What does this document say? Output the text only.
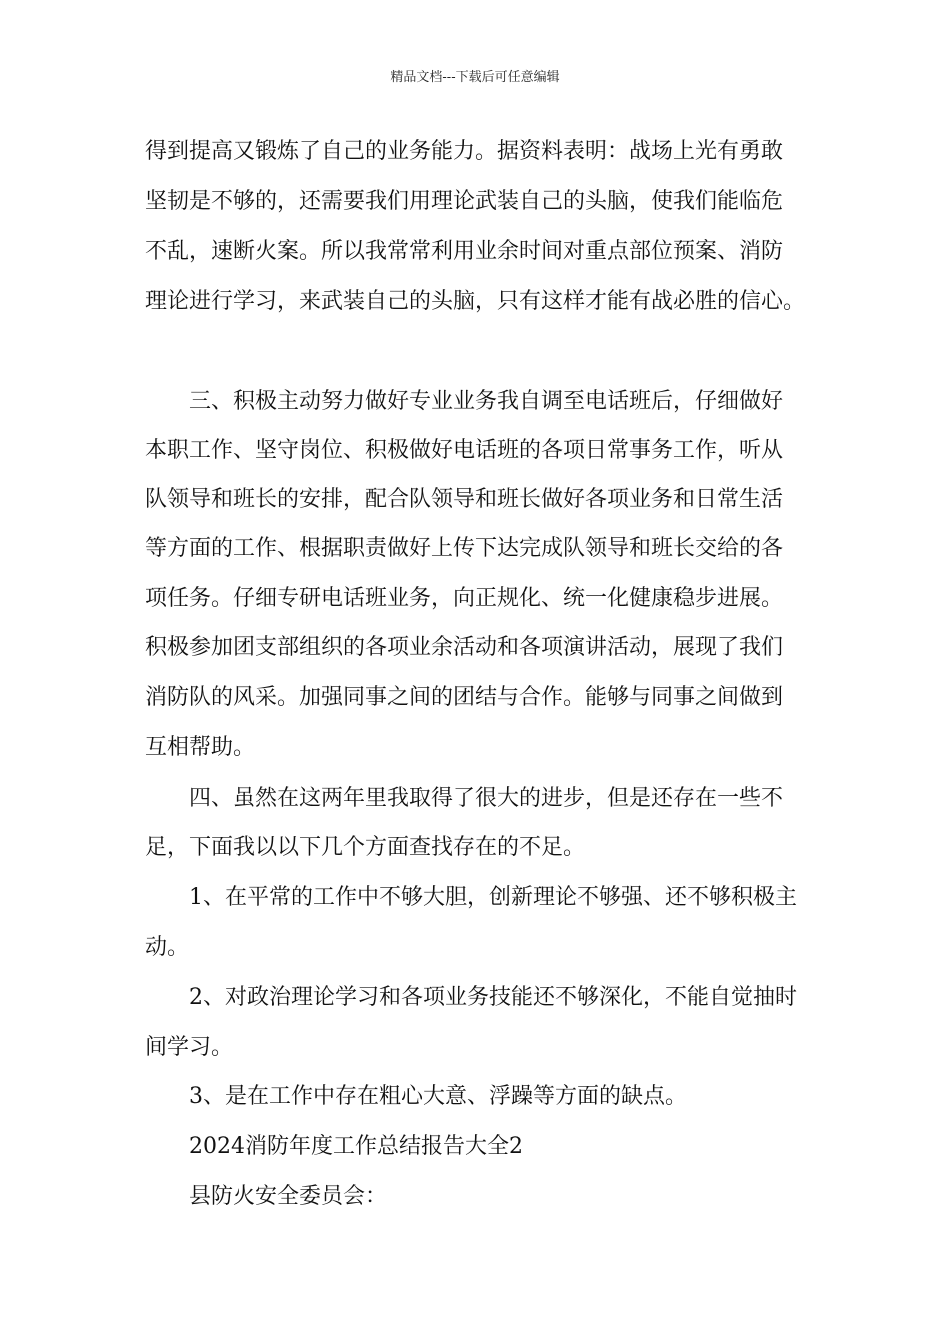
精品文档---下载后可任意编辑
得到提高又锻炼了自己的业务能力。据资料表明：战场上光有勇敢
坚韧是不够的，还需要我们用理论武装自己的头脑，使我们能临危
不乱，速断火案。所以我常常利用业余时间对重点部位预案、消防
理论进行学习，来武装自己的头脑，只有这样才能有战必胜的信心。
三、积极主动努力做好专业业务我自调至电话班后，仔细做好
本职工作、坚守岗位、积极做好电话班的各项日常事务工作，听从
队领导和班长的安排，配合队领导和班长做好各项业务和日常生活
等方面的工作、根据职责做好上传下达完成队领导和班长交给的各
项任务。仔细专研电话班业务，向正规化、统一化健康稳步进展。
积极参加团支部组织的各项业余活动和各项演讲活动，展现了我们
消防队的风采。加强同事之间的团结与合作。能够与同事之间做到
互相帮助。
四、虽然在这两年里我取得了很大的进步，但是还存在一些不
足，下面我以以下几个方面查找存在的不足。
1、在平常的工作中不够大胆，创新理论不够强、还不够积极主
动。
2、对政治理论学习和各项业务技能还不够深化，不能自觉抽时
间学习。
3、是在工作中存在粗心大意、浮躁等方面的缺点。
2024消防年度工作总结报告大全2
县防火安全委员会：
